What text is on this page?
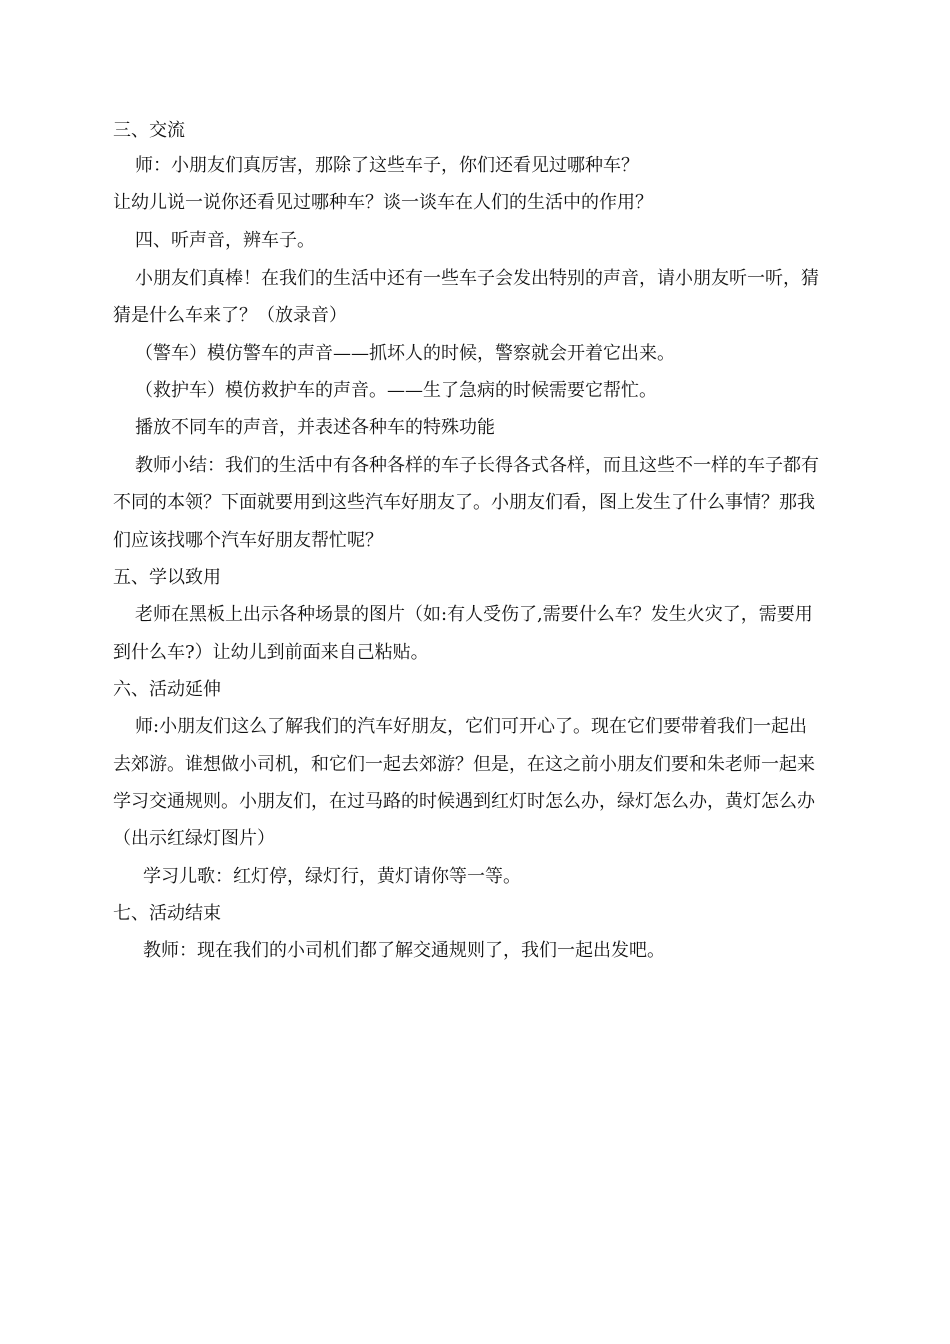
三、交流
师：小朋友们真厉害，那除了这些车子，你们还看见过哪种车？
让幼儿说一说你还看见过哪种车？谈一谈车在人们的生活中的作用？
四、听声音，辨车子。
小朋友们真棒！在我们的生活中还有一些车子会发出特别的声音，请小朋友听一听，猜
猜是什么车来了？（放录音）
（警车）模仿警车的声音——抓坏人的时候，警察就会开着它出来。
（救护车）模仿救护车的声音。——生了急病的时候需要它帮忙。
播放不同车的声音，并表述各种车的特殊功能
教师小结：我们的生活中有各种各样的车子长得各式各样，而且这些不一样的车子都有
不同的本领？下面就要用到这些汽车好朋友了。小朋友们看，图上发生了什么事情？那我
们应该找哪个汽车好朋友帮忙呢？
五、学以致用
老师在黑板上出示各种场景的图片（如:有人受伤了,需要什么车？发生火灾了，需要用
到什么车?）让幼儿到前面来自己粘贴。
六、活动延伸
师:小朋友们这么了解我们的汽车好朋友，它们可开心了。现在它们要带着我们一起出
去郊游。谁想做小司机，和它们一起去郊游？但是，在这之前小朋友们要和朱老师一起来
学习交通规则。小朋友们，在过马路的时候遇到红灯时怎么办，绿灯怎么办，黄灯怎么办
（出示红绿灯图片）
学习儿歌：红灯停，绿灯行，黄灯请你等一等。
七、活动结束
教师：现在我们的小司机们都了解交通规则了，我们一起出发吧。
